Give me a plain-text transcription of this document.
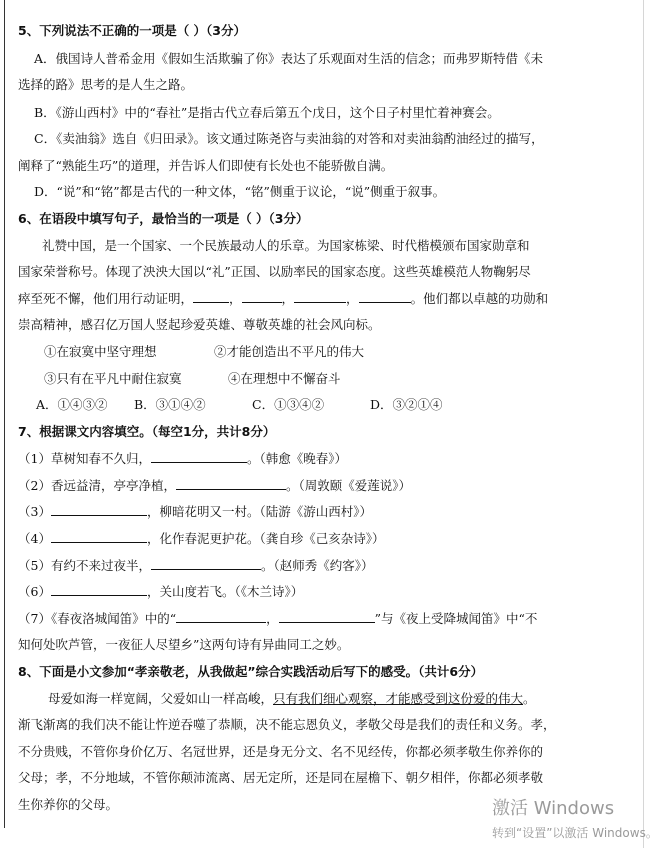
5、下列说法不正确的一项是（ ）（3分）
A．俄国诗人普希金用《假如生活欺骗了你》表达了乐观面对生活的信念；而弗罗斯特借《未
选择的路》思考的是人生之路。
B．《游山西村》中的“春社”是指古代立春后第五个戊日，这个日子村里忙着神赛会。
C．《卖油翁》选自《归田录》。该文通过陈尧咨与卖油翁的对答和对卖油翁酌油经过的描写，
阐释了“熟能生巧”的道理，并告诉人们即使有长处也不能骄傲自满。
D．“说”和“铭”都是古代的一种文体，“铭”侧重于议论，“说”侧重于叙事。
6、在语段中填写句子，最恰当的一项是（ ）（3分）
礼赞中国，是一个国家、一个民族最动人的乐章。为国家栋梁、时代楷模颁布国家勋章和
国家荣誉称号。体现了泱泱大国以“礼”正国、以励率民的国家态度。这些英雄模范人物鞠躬尽
瘁至死不懈，他们用行动证明，	，	，	，	。他们都以卓越的功勋和
崇高精神，感召亿万国人竖起珍爱英雄、尊敬英雄的社会风向标。
①在寂寞中坚守理想	②才能创造出不平凡的伟大
③只有在平凡中耐住寂寞	④在理想中不懈奋斗
A．①④③② B．③①④②	C．①③④②	D．③②①④
7、根据课文内容填空。（每空1分，共计8分）
（1）草树知春不久归，	。（韩愈《晚春》）
（2）香远益清，亭亭净植，	。（周敦颐《爱莲说》）
（3）	，柳暗花明又一村。（陆游《游山西村》）
（4）	，化作春泥更护花。（龚自珍《己亥杂诗》）
（5）有约不来过夜半，	。（赵师秀《约客》）
（6）	，关山度若飞。（《木兰诗》）
（7）《春夜洛城闻笛》中的“	，	”与《夜上受降城闻笛》中“不
知何处吹芦管，一夜征人尽望乡”这两句诗有异曲同工之妙。
8、下面是小文参加“孝亲敬老，从我做起”综合实践活动后写下的感受。（共计6分）
母爱如海一样宽阔，父爱如山一样高峻，只有我们细心观察，才能感受到这份爱的伟大。
渐飞渐离的我们决不能让忤逆吞噬了恭顺，决不能忘恩负义，孝敬父母是我们的责任和义务。孝，
不分贵贱，不管你身价亿万、名冠世界，还是身无分文、名不见经传，你都必须孝敬生你养你的
父母；孝，不分地域，不管你颠沛流离、居无定所，还是同在屋檐下、朝夕相伴，你都必须孝敬
生你养你的父母。	激活 Windows
转到“设置”以激活 Windows。
